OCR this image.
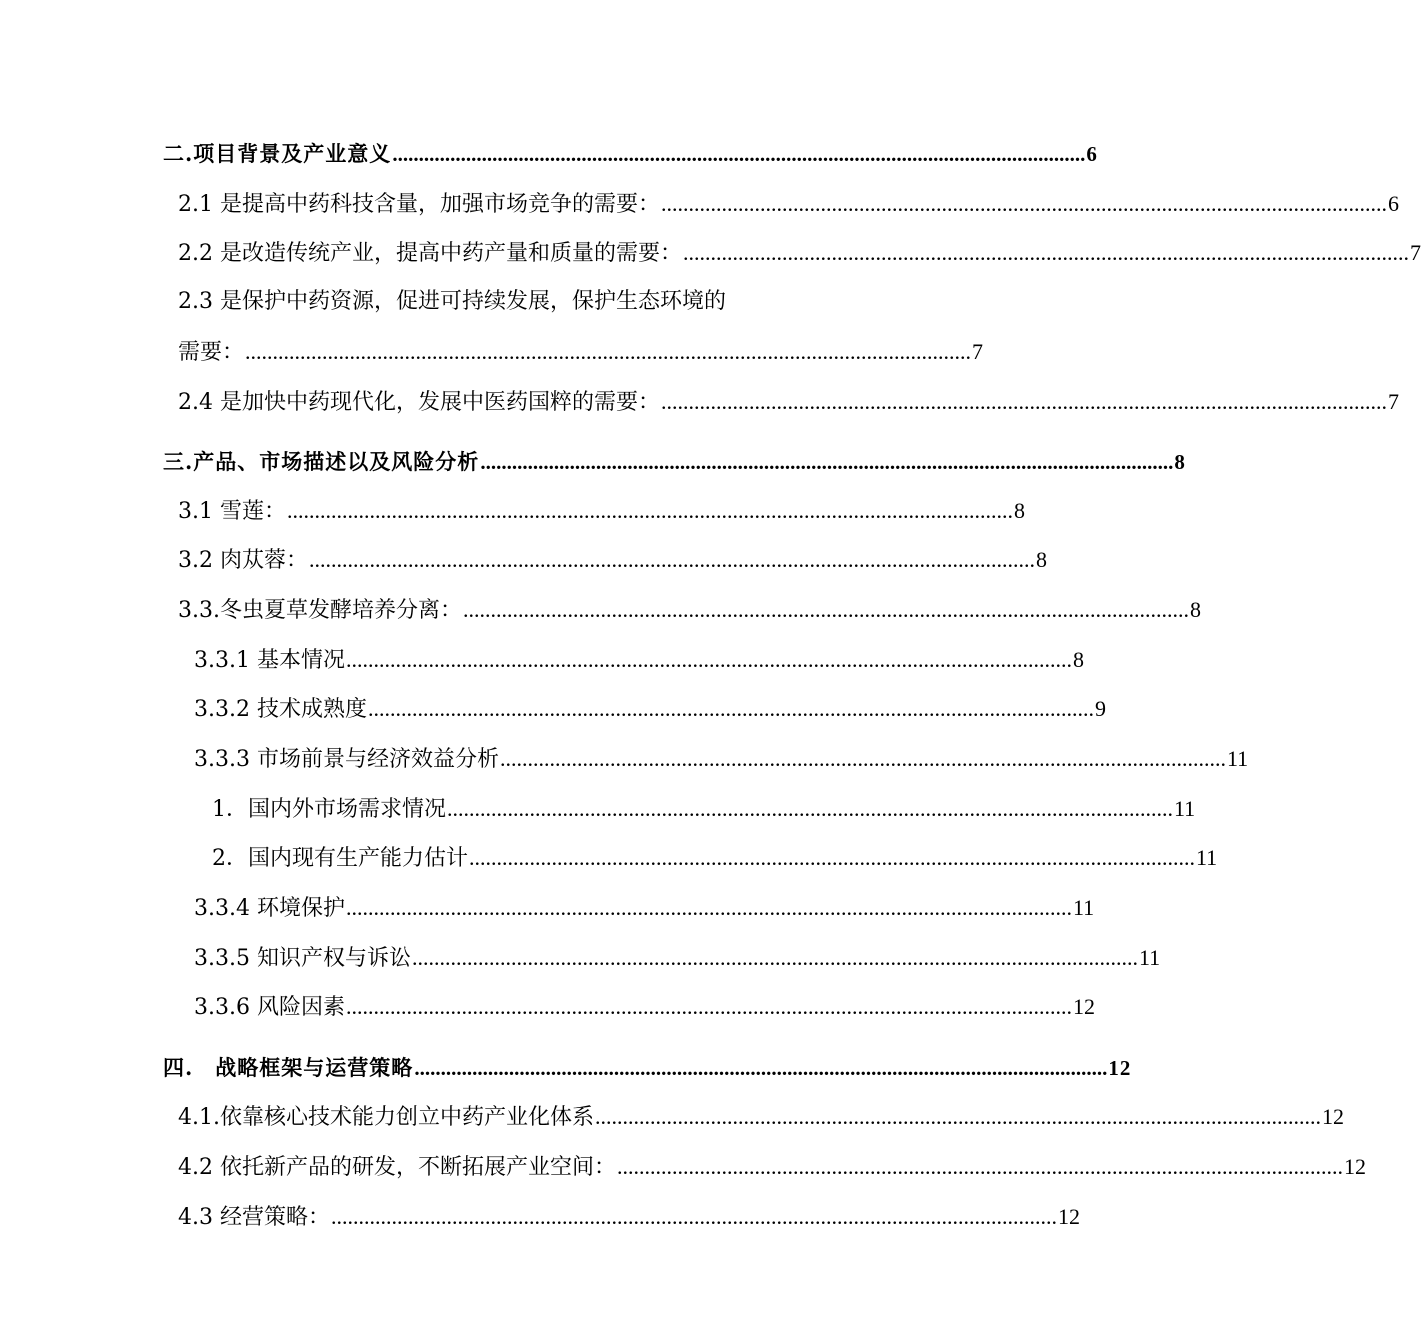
二.项目背景及产业意义 .................................................................................................................................... 6
2.1 是提高中药科技含量，加强市场竞争的需要： .................................................................................................................................... 6
2.2 是改造传统产业，提高中药产量和质量的需要： .................................................................................................................................... 7
2.3 是保护中药资源，促进可持续发展，保护生态环境的
需要： .................................................................................................................................... 7
2.4 是加快中药现代化，发展中医药国粹的需要： .................................................................................................................................... 7
三.产品、市场描述以及风险分析 .................................................................................................................................... 8
3.1 雪莲： .................................................................................................................................... 8
3.2 肉苁蓉： .................................................................................................................................... 8
3.3.冬虫夏草发酵培养分离： .................................................................................................................................... 8
3.3.1 基本情况 .................................................................................................................................... 8
3.3.2 技术成熟度 .................................................................................................................................... 9
3.3.3 市场前景与经济效益分析 .................................................................................................................................... 11
1．国内外市场需求情况 .................................................................................................................................... 11
2．国内现有生产能力估计 .................................................................................................................................... 11
3.3.4 环境保护 .................................................................................................................................... 11
3.3.5 知识产权与诉讼 .................................................................................................................................... 11
3.3.6 风险因素 .................................................................................................................................... 12
四.　战略框架与运营策略 .................................................................................................................................... 12
4.1.依靠核心技术能力创立中药产业化体系 .................................................................................................................................... 12
4.2 依托新产品的研发，不断拓展产业空间： .................................................................................................................................... 12
4.3 经营策略： .................................................................................................................................... 12
